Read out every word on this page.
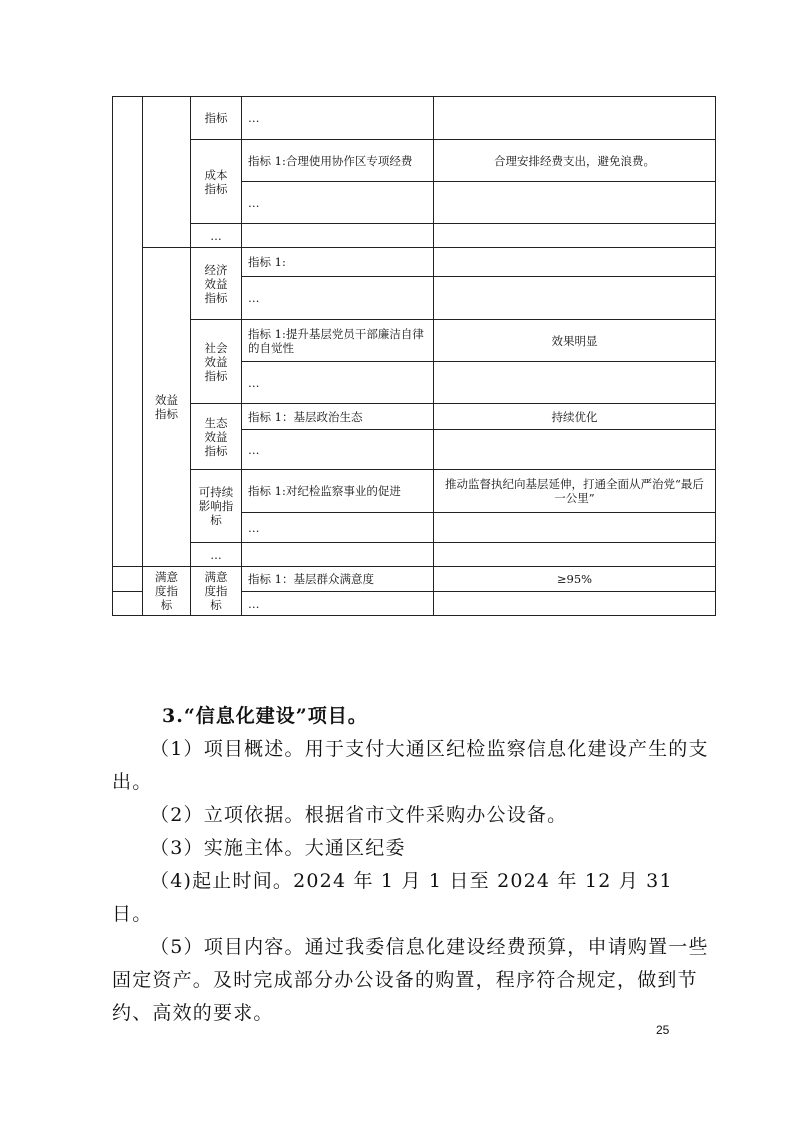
		指标	…	
		成本指标	指标 1:合理使用协作区专项经费	合理安排经费支出，避免浪费。
			…	
		…		
	效益指标	经济效益指标	指标 1:	
			…	
		社会效益指标	指标 1:提升基层党员干部廉洁自律的自觉性	效果明显
			…	
		生态效益指标	指标 1：基层政治生态	持续优化
			…	
		可持续影响指标	指标 1:对纪检监察事业的促进	推动监督执纪向基层延伸，打通全面从严治党“最后一公里”
			…	
		…		
	满意度指标	满意度指标	指标 1：基层群众满意度	≥95%
			…	
3.“信息化建设”项目。

（1）项目概述。用于支付大通区纪检监察信息化建设产生的支出。

（2）立项依据。根据省市文件采购办公设备。

（3）实施主体。大通区纪委

（4)起止时间。2024 年 1 月 1 日至 2024 年 12 月 31 日。

（5）项目内容。通过我委信息化建设经费预算，申请购置一些固定资产。及时完成部分办公设备的购置，程序符合规定，做到节约、高效的要求。

25
